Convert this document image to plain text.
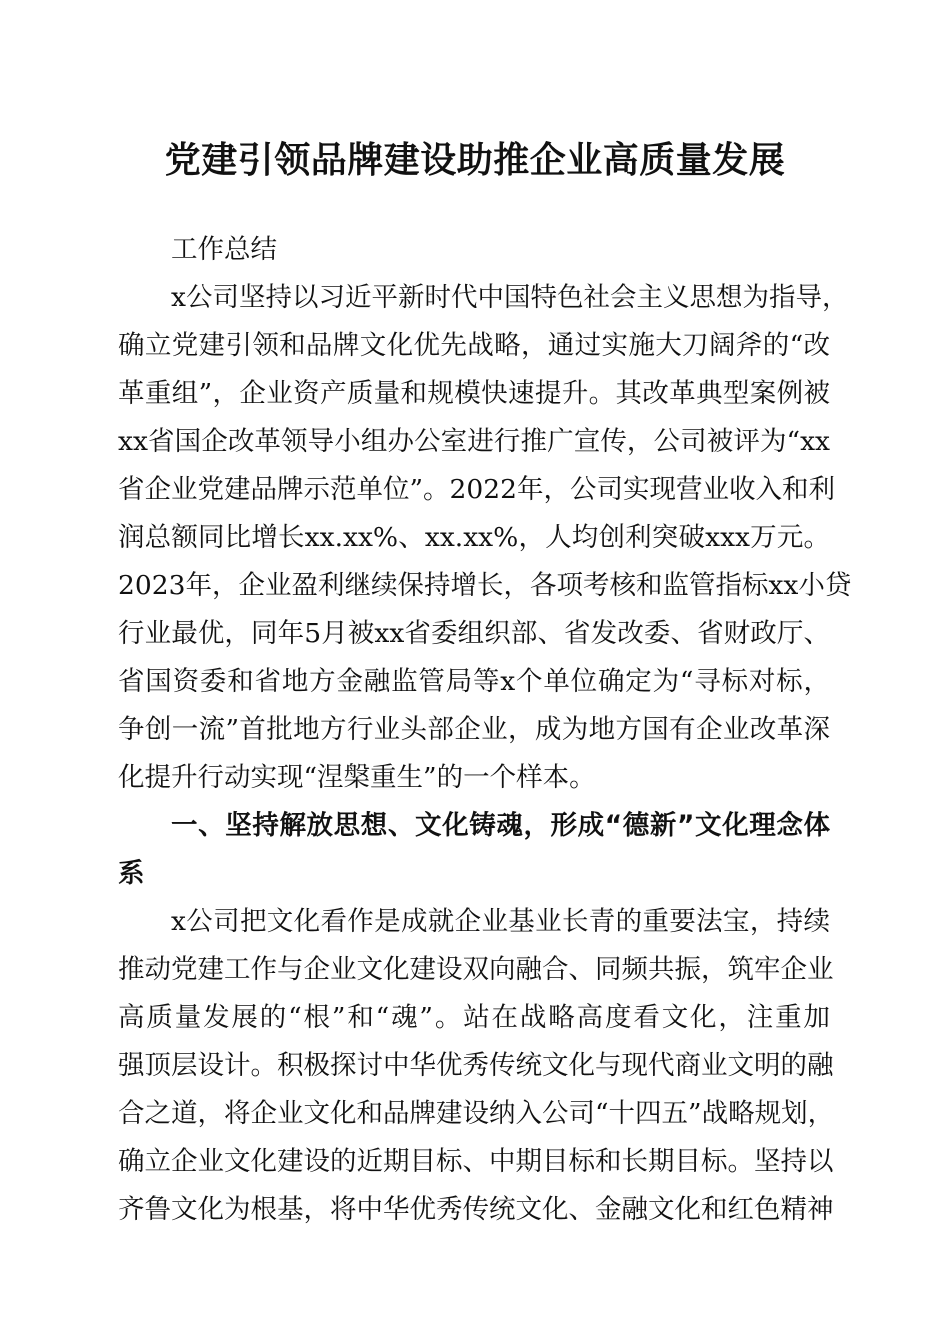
党建引领品牌建设助推企业高质量发展
工作总结
x公司坚持以习近平新时代中国特色社会主义思想为指导，
确立党建引领和品牌文化优先战略，通过实施大刀阔斧的“改
革重组”，企业资产质量和规模快速提升。其改革典型案例被
xx省国企改革领导小组办公室进行推广宣传，公司被评为“xx
省企业党建品牌示范单位”。2022年，公司实现营业收入和利
润总额同比增长xx.xx%、xx.xx%，人均创利突破xxx万元。
2023年，企业盈利继续保持增长，各项考核和监管指标xx小贷
行业最优，同年5月被xx省委组织部、省发改委、省财政厅、
省国资委和省地方金融监管局等x个单位确定为“寻标对标，
争创一流”首批地方行业头部企业，成为地方国有企业改革深
化提升行动实现“涅槃重生”的一个样本。
一、坚持解放思想、文化铸魂，形成“德新”文化理念体
系
x公司把文化看作是成就企业基业长青的重要法宝，持续
推动党建工作与企业文化建设双向融合、同频共振，筑牢企业
高质量发展的“根”和“魂”。站在战略高度看文化，注重加
强顶层设计。积极探讨中华优秀传统文化与现代商业文明的融
合之道，将企业文化和品牌建设纳入公司“十四五”战略规划，
确立企业文化建设的近期目标、中期目标和长期目标。坚持以
齐鲁文化为根基，将中华优秀传统文化、金融文化和红色精神
